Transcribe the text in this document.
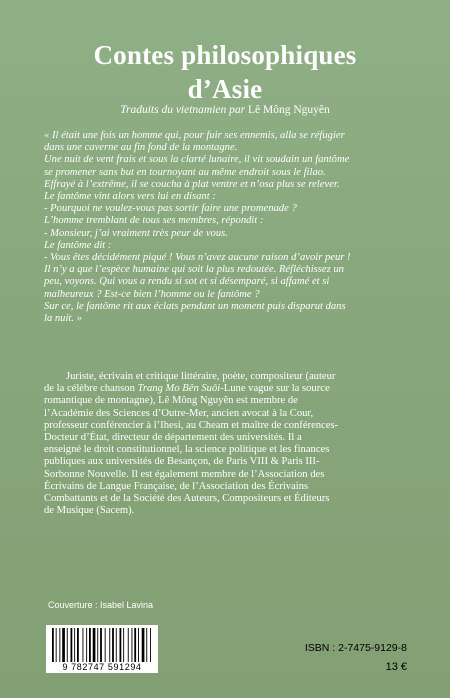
Contes philosophiques
d’Asie
Traduits du vietnamien par Lê Mông Nguyên

« Il était une fois un homme qui, pour fuir ses ennemis, alla se réfugier

dans une caverne au fin fond de la montagne.

Une nuit de vent frais et sous la clarté lunaire, il vit soudain un fantôme

se promener sans but en tournoyant au même endroit sous le filao.

Effrayé à l’extrême, il se coucha à plat ventre et n’osa plus se relever.

Le fantôme vint alors vers lui en disant :

- Pourquoi ne voulez-vous pas sortir faire une promenade ?

L’homme tremblant de tous ses membres, répondit :

- Monsieur, j’ai vraiment très peur de vous.

Le fantôme dit :

- Vous êtes décidément piqué ! Vous n’avez aucune raison d’avoir peur !

Il n’y a que l’espèce humaine qui soit la plus redoutée. Réfléchissez un

peu, voyons. Qui vous a rendu si sot et si désemparé, si affamé et si

malheureux ? Est-ce bien l’homme ou le fantôme ?

Sur ce, le fantôme rit aux éclats pendant un moment puis disparut dans

la nuit. »

Juriste, écrivain et critique littéraire, poète, compositeur (auteur

de la célèbre chanson Trang Mo Bên Suôi-Lune vague sur la source

romantique de montagne), Lê Mông Nguyên est membre de

l’Académie des Sciences d’Outre-Mer, ancien avocat à la Cour,

professeur conférencier à l’Ihesi, au Cheam et maître de conférences-

Docteur d’État, directeur de département des universités. Il a

enseigné le droit constitutionnel, la science politique et les finances

publiques aux universités de Besançon, de Paris VIII & Paris III-

Sorbonne Nouvelle. Il est également membre de l’Association des

Écrivains de Langue Française, de l’Association des Écrivains

Combattants et de la Société des Auteurs, Compositeurs et Éditeurs

de Musique (Sacem).

Couverture : Isabel Lavina
9 782747 591294
ISBN : 2-7475-9129-8
13 €
